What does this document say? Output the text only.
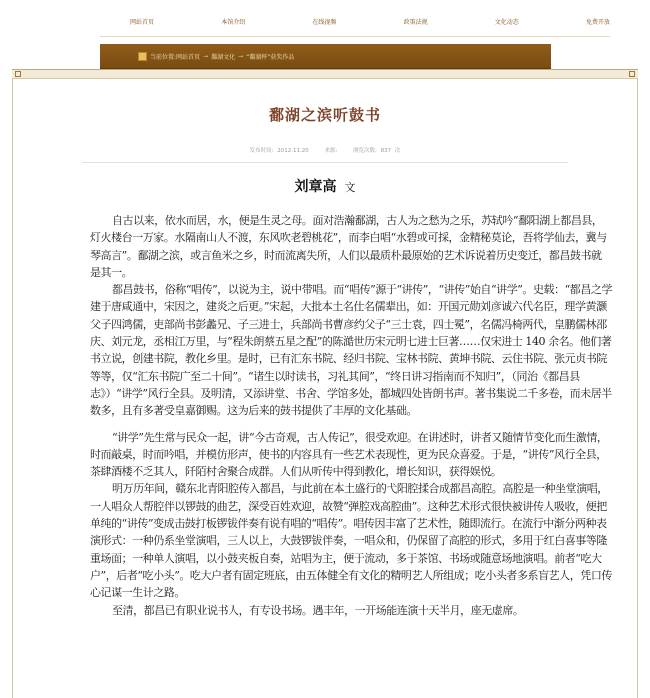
网站首页	本馆介绍	在线视频	政策法规	文化动态	免费开放
当前位置: 网站首页 → 鄱湖文化 → “鄱湖杯”获奖作品
鄱湖之滨听鼓书
发布时间: 2012.11.20	来源:	浏览次数: 837 次
刘章高 文

自古以来，依水而居，水，便是生灵之母。面对浩瀚鄱湖，古人为之愁为之乐，苏轼吟“鄱阳湖上都昌县，灯火楼台一万家。水隔南山人不渡，东风吹老碧桃花”，而李白唱“水碧或可採，金精秘莫论，吾将学仙去，冀与琴高言”。鄱湖之滨，或言鱼米之乡，时而流离失所，人们以最质朴最原始的艺术诉说着历史变迁，都昌鼓书就是其一。

都昌鼓书，俗称“唱传”，以说为主，说中带唱。而“唱传”源于“讲传”，“讲传”始自“讲学”。史载：“都昌之学建于唐咸通中，宋因之，建炎之后更。”宋起，大批本土名仕名儒辈出，如：开国元勋刘彦诚六代名臣，理学黄灏父子四鸿儒，吏部尚书彭蠡兄、子三进士，兵部尚书曹彦约父子“三士袁，四士冕”，名儒冯椅两代，皇鹏儒林邵庆、刘元龙，丞相江万里，与“程朱朗蔡五星之配”的陈澔世历宋元明七进士巨著……仅宋进士 140 余名。他们著书立说，创建书院，教化乡里。是时，已有汇东书院、经归书院、宝林书院、黄坤书院、云住书院、张元贞书院等等，仅“汇东书院广至二十间”。“诸生以时读书，习礼其间”，“终日讲习指南而不知归”，（同治《都昌县志》）“讲学”风行全县。及明清，又添讲堂、书舍、学馆多处，都城四处皆朗书声。著书集说二千多卷，而未居半数多，且有多著受皇嘉御赐。这为后来的鼓书提供了丰厚的文化基础。

“讲学”先生常与民众一起，讲“今古奇观，古人传记”，很受欢迎。在讲述时，讲者又随情节变化而生激情，时而敲桌，时而吟唱，并模仿形声，使书的内容具有一些艺术表现性，更为民众喜爱。于是，“讲传”风行全县，茶肆酒楼不乏其人，阡陌村舍聚合成群。人们从听传中得到教化，增长知识，获得娱悦。

明万历年间，赣东北青阳腔传入都昌，与此前在本土盛行的弋阳腔揉合成都昌高腔。高腔是一种坐堂演唱，一人唱众人帮腔伴以锣鼓的曲艺，深受百姓欢迎，故赞“弹腔戏高腔曲”。这种艺术形式很快被讲传人吸收，便把单纯的“讲传”变成击鼓打板锣钹伴奏有说有唱的“唱传”。唱传因丰富了艺术性，随即流行。在流行中渐分两种表演形式：一种仍系坐堂演唱，三人以上，大鼓锣钹伴奏，一唱众和，仍保留了高腔的形式，多用于红白喜事等隆重场面；一种单人演唱，以小鼓夹板自奏，站唱为主，便于流动，多于茶馆、书场或随意场地演唱。前者“吃大户”，后者“吃小头”。吃大户者有固定班底，由五体健全有文化的精明艺人所组成；吃小头者多系盲艺人，凭口传心记谋一生计之路。

至清，都昌已有职业说书人，有专设书场。遇丰年，一开场能连演十天半月，座无虚席。
